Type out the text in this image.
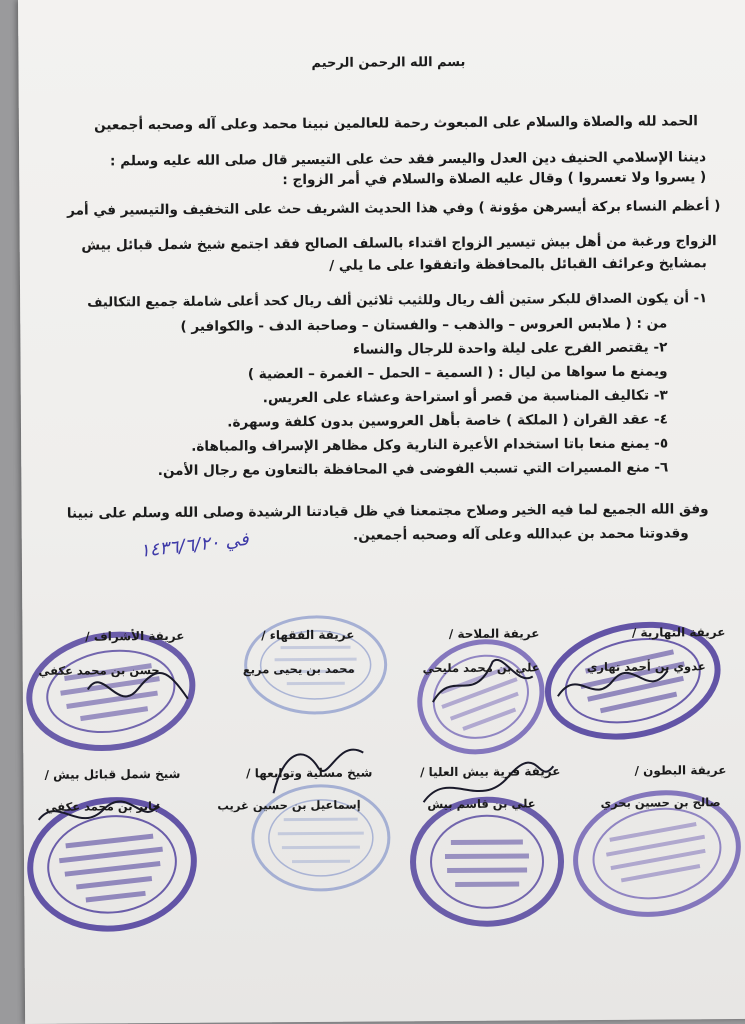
بسم الله الرحمن الرحيم
الحمد لله والصلاة والسلام على المبعوث رحمة للعالمين نبينا محمد وعلى آله وصحبه أجمعين
ديننا الإسلامي الحنيف دين العدل واليسر فقد حث على التيسير قال صلى الله عليه وسلم :
( يسروا ولا تعسروا ) وقال عليه الصلاة والسلام في أمر الزواج :
( أعظم النساء بركة أيسرهن مؤونة ) وفي هذا الحديث الشريف حث على التخفيف والتيسير في أمر
الزواج ورغبة من أهل بيش تيسير الزواج اقتداء بالسلف الصالح فقد اجتمع شيخ شمل قبائل بيش
بمشايخ وعرائف القبائل بالمحافظة واتفقوا على ما يلي /
١- أن يكون الصداق للبكر ستين ألف ريال وللثيب ثلاثين ألف ريال كحد أعلى شاملة جميع التكاليف
من : ( ملابس العروس – والذهب – والفستان – وصاحبة الدف - والكوافير )
٢- يقتصر الفرح على ليلة واحدة للرجال والنساء
ويمنع ما سواها من ليال : ( السمية – الحمل – الغمرة – العضية )
٣- تكاليف المناسبة من قصر أو استراحة وعشاء على العريس.
٤- عقد القران ( الملكة ) خاصة بأهل العروسين بدون كلفة وسهرة.
٥- يمنع منعا باتا استخدام الأعيرة النارية وكل مظاهر الإسراف والمباهاة.
٦- منع المسيرات التي تسبب الفوضى في المحافظة بالتعاون مع رجال الأمن.
وفق الله الجميع لما فيه الخير وصلاح مجتمعنا في ظل قيادتنا الرشيدة وصلى الله وسلم على نبينا
وقدوتنا محمد بن عبدالله وعلى آله وصحبه أجمعين.
في ١٤٣٦/٦/٢٠
عريفة التهارية /
عدوي بن أحمد تهاري
عريفة الملاحة /
علي بن محمد مليحي
عريفة الفقهاء /
محمد بن يحيى مريع
عريفة الأشراف /
حسن بن محمد عكفي
عريفة البطون /
صالح بن حسين بحري
عريفة قرية بيش العليا /
علي بن قاسم بيش
شيخ مسلية وتوابعها /
إسماعيل بن حسين غريب
شيخ شمل قبائل بيش /
جابر بن محمد عكفي
